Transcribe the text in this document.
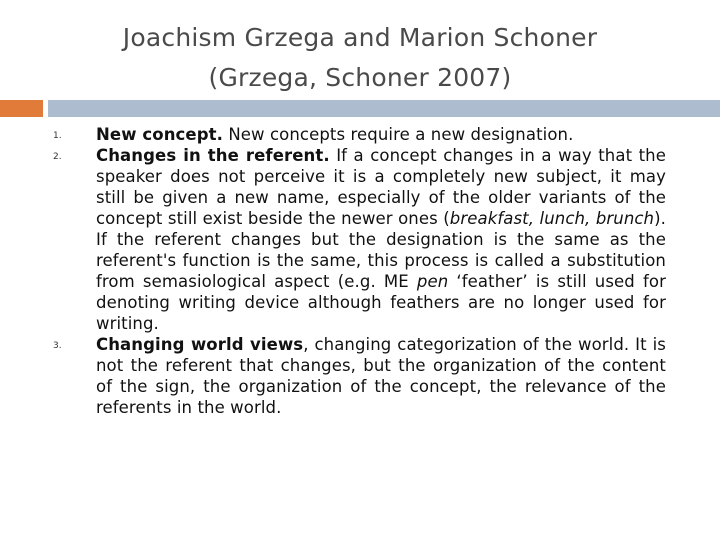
Joachism Grzega and Marion Schoner
(Grzega, Schoner 2007)
1. New concept. New concepts require a new designation.
2. Changes in the referent. If a concept changes in a way that the speaker does not perceive it is a completely new subject, it may still be given a new name, especially of the older variants of the concept still exist beside the newer ones (breakfast, lunch, brunch). If the referent changes but the designation is the same as the referent's function is the same, this process is called a substitution from semasiological aspect (e.g. ME pen ‘feather’ is still used for denoting writing device although feathers are no longer used for writing.
3. Changing world views, changing categorization of the world. It is not the referent that changes, but the organization of the content of the sign, the organization of the concept, the relevance of the referents in the world.
